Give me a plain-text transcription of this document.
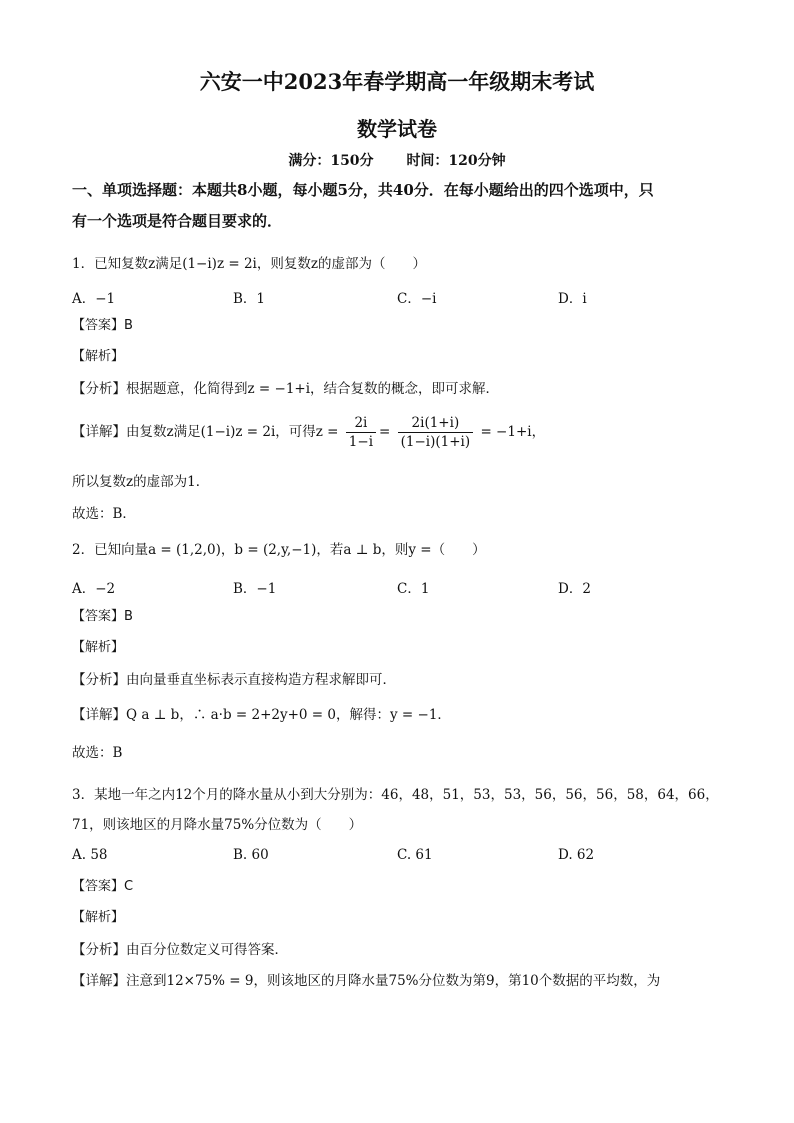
六安一中2023年春学期高一年级期末考试
数学试卷
满分：150分 时间：120分钟
一、单项选择题：本题共8小题，每小题5分，共40分．在每小题给出的四个选项中，只
有一个选项是符合题目要求的．
1．已知复数z满足(1−i)z = 2i，则复数z的虚部为（　　）
A．−1	B．1	C．−i	D．i
【答案】B
【解析】
【分析】根据题意，化简得到z = −1+i，结合复数的概念，即可求解．
【详解】由复数z满足(1−i)z = 2i，可得$z = \frac{2i}{1-i} = \frac{2i(1+i)}{(1-i)(1+i)} = -1+i$，
所以复数z的虚部为1．
故选：B．
2．已知向量a = (1,2,0)，b = (2,y,−1)，若a ⊥ b，则y =（　　）
A．−2	B．−1	C．1	D．2
【答案】B
【解析】
【分析】由向量垂直坐标表示直接构造方程求解即可．
【详解】Q a ⊥ b，∴ a·b = 2+2y+0 = 0，解得：y = −1．
故选：B
3．某地一年之内12个月的降水量从小到大分别为：46，48，51，53，53，56，56，56，58，64，66，
71，则该地区的月降水量75%分位数为（　　）
A. 58	B. 60	C. 61	D. 62
【答案】C
【解析】
【分析】由百分位数定义可得答案．
【详解】注意到12×75% = 9，则该地区的月降水量75%分位数为第9，第10个数据的平均数，为
